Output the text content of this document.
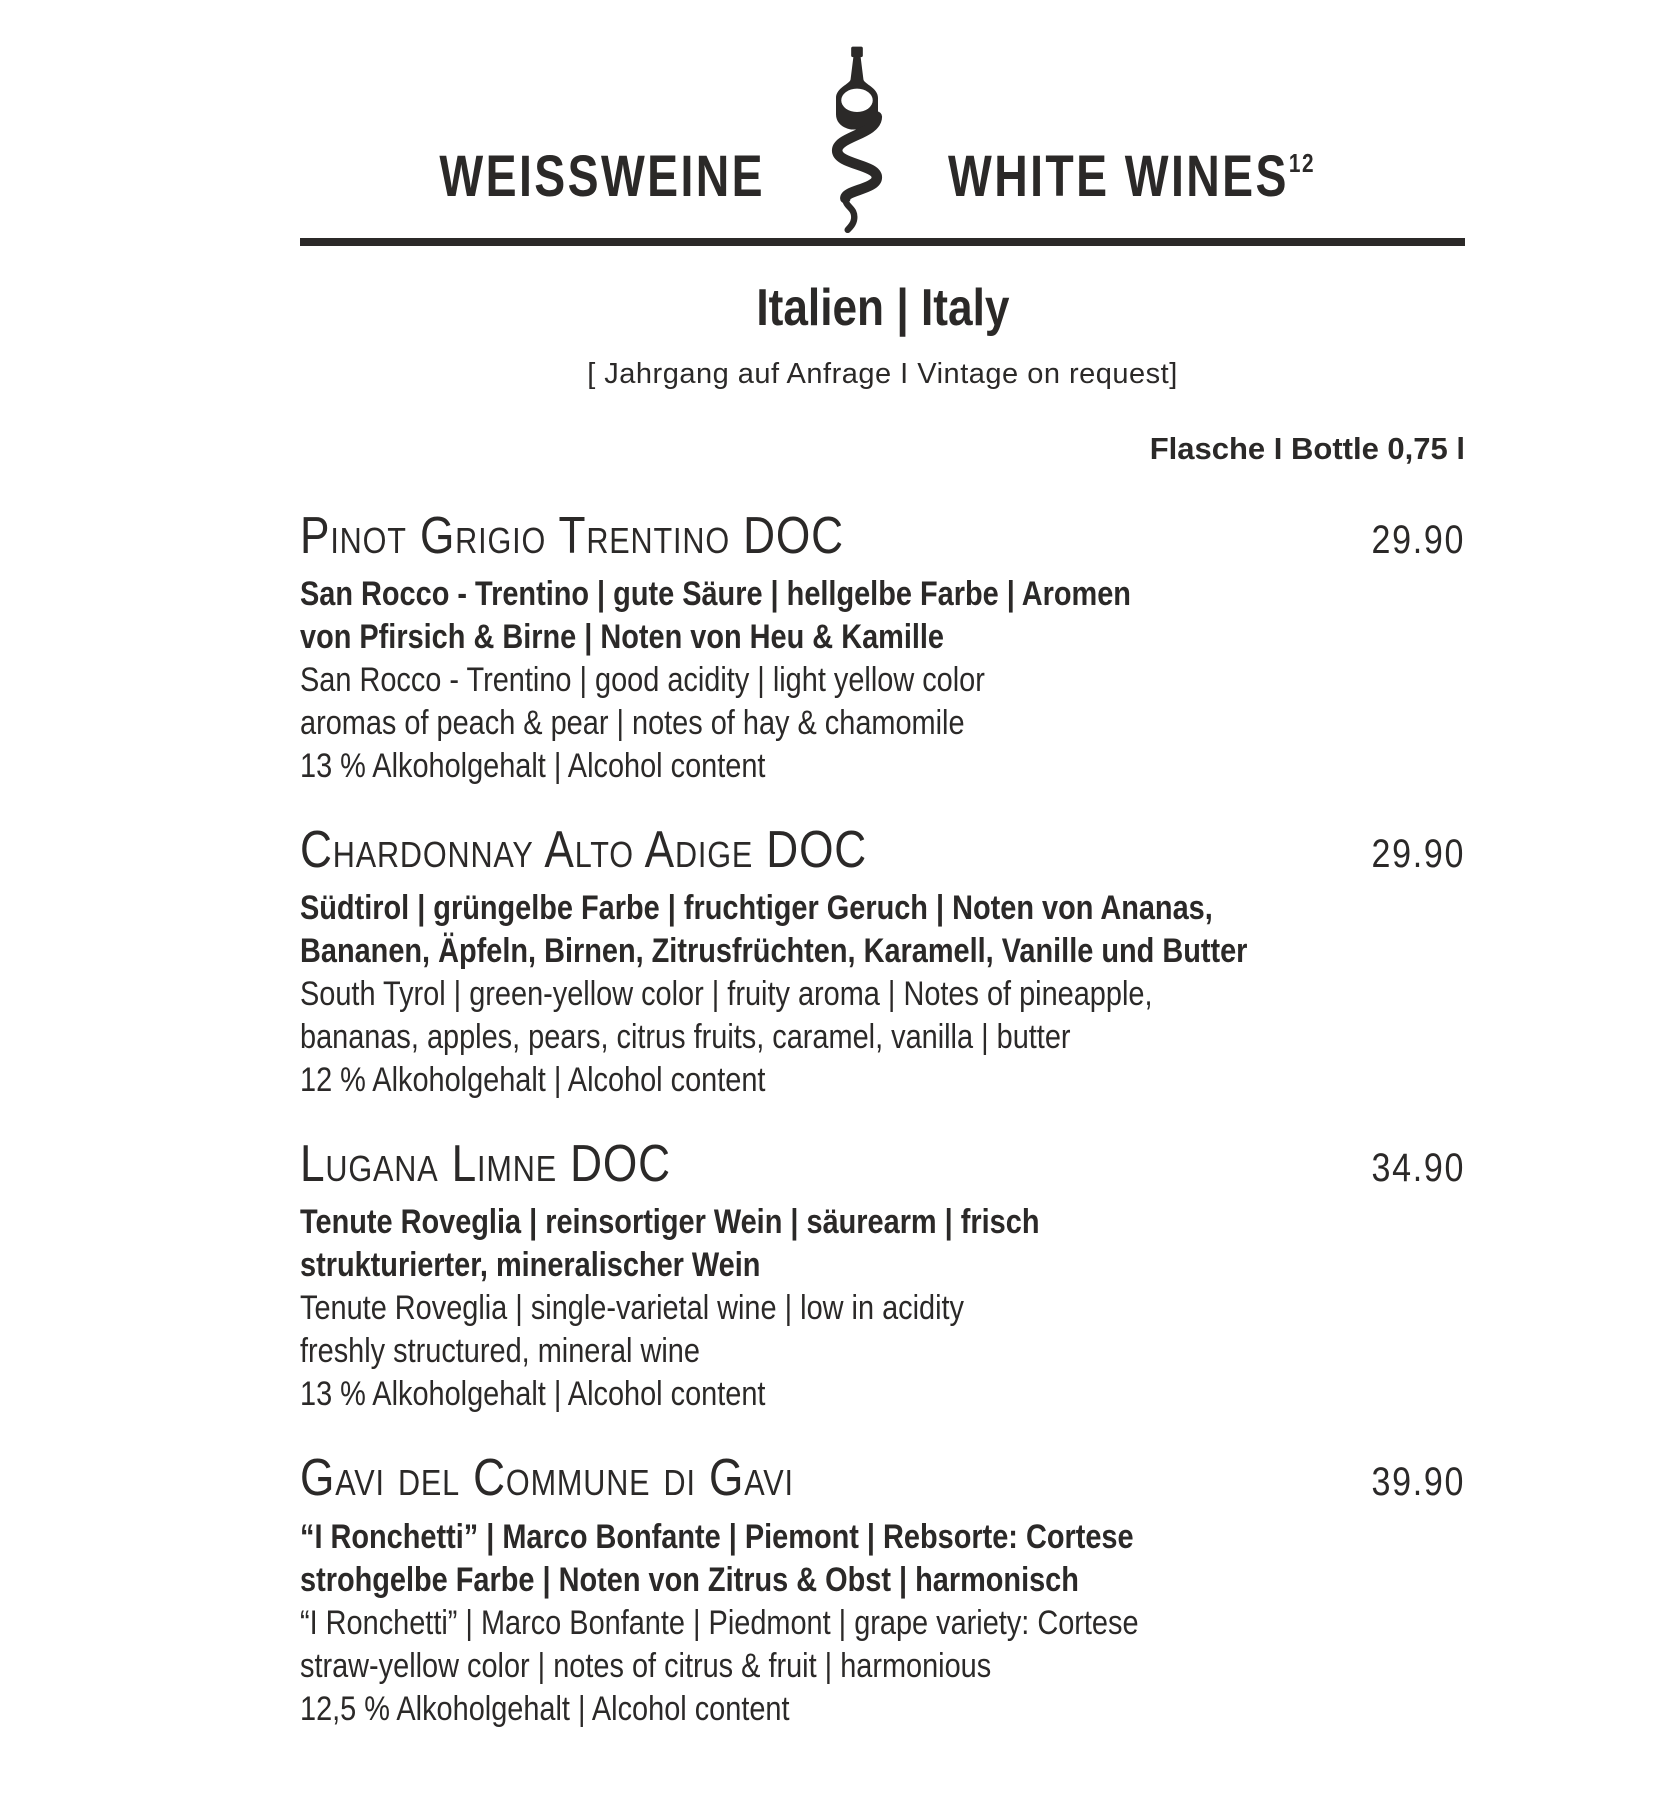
WEISSWEINE	WHITE WINES$^{12}$
Italien | Italy

[ Jahrgang auf Anfrage I Vintage on request]

Flasche I Bottle 0,75 l

Pinot Grigio Trentino DOC	29.90

San Rocco - Trentino | gute Säure | hellgelbe Farbe | Aromen

von Pfirsich & Birne | Noten von Heu & Kamille

San Rocco - Trentino | good acidity | light yellow color

aromas of peach & pear | notes of hay & chamomile

13 % Alkoholgehalt | Alcohol content

Chardonnay Alto Adige DOC	29.90

Südtirol | grüngelbe Farbe | fruchtiger Geruch | Noten von Ananas,

Bananen, Äpfeln, Birnen, Zitrusfrüchten, Karamell, Vanille und Butter

South Tyrol | green-yellow color | fruity aroma | Notes of pineapple,

bananas, apples, pears, citrus fruits, caramel, vanilla | butter

12 % Alkoholgehalt | Alcohol content

Lugana Limne DOC	34.90

Tenute Roveglia | reinsortiger Wein | säurearm | frisch

strukturierter, mineralischer Wein

Tenute Roveglia | single-varietal wine | low in acidity

freshly structured, mineral wine

13 % Alkoholgehalt | Alcohol content

Gavi del Commune di Gavi	39.90

“I Ronchetti” | Marco Bonfante | Piemont | Rebsorte: Cortese

strohgelbe Farbe | Noten von Zitrus & Obst | harmonisch

“I Ronchetti” | Marco Bonfante | Piedmont | grape variety: Cortese

straw-yellow color | notes of citrus & fruit | harmonious

12,5 % Alkoholgehalt | Alcohol content
